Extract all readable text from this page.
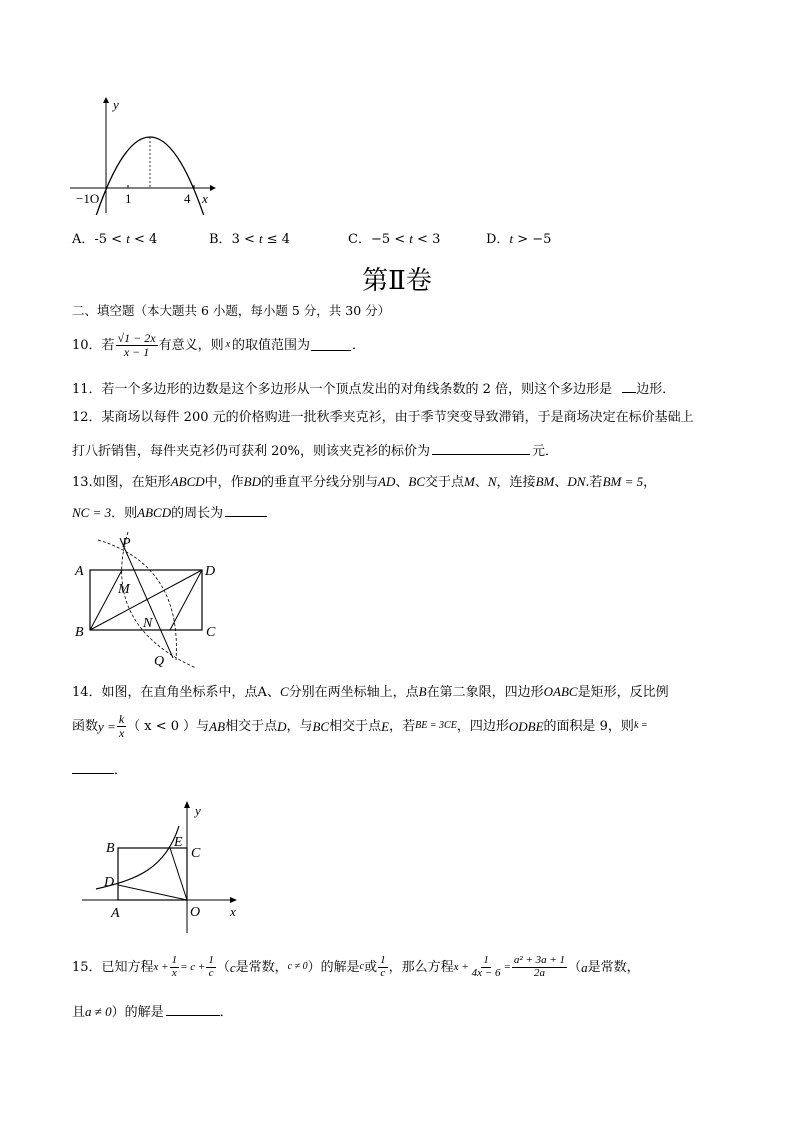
y
x
−1O 1	4
A．-5 < t < 4	B．3 < t ≤ 4	C．−5 < t < 3	D．t > −5
第Ⅱ卷
二、填空题（本大题共 6 小题，每小题 5 分，共 30 分）
10．若 $\frac{√1 - 2x}{x - 1}$ 有意义，则 x 的取值范围为	．
11．若一个多边形的边数是这个多边形从一个顶点发出的对角线条数的 2 倍，则这个多边形是 边形．
12．某商场以每件 200 元的价格购进一批秋季夹克衫，由于季节突变导致滞销，于是商场决定在标价基础上
打八折销售，每件夹克衫仍可获利 20%，则该夹克衫的标价为	元．
13.如图，在矩形ABCD中，作BD的垂直平分线分别与AD、BC交于点M、N，连接BM、DN.若BM = 5，
NC = 3．则ABCD的周长为
A
B	C
D
M
N
P
Q
14．如图，在直角坐标系中，点A、C分别在两坐标轴上，点B在第二象限，四边形OABC是矩形，反比例
函数 $y = \frac{k}{x}$ （ x < 0 ）与 AB 相交于点 D ，与 BC 相交于点 E ，若 BE = 3CE ，四边形 ODBE 的面积是 9，则 k =
．
y
x
B	E
C
D
A	O
15．已知方程 $x + \frac{1}{x} = c + \frac{1}{c}$ （ c 是常数， c ≠ 0 ）的解是 c 或 $\frac{1}{c}$ ，那么方程 $x + \frac{1}{4x - 6} = \frac{\text{a² + 3a + 1}}{2a}$ （ a 是常数，
且a ≠ 0）的解是	．
